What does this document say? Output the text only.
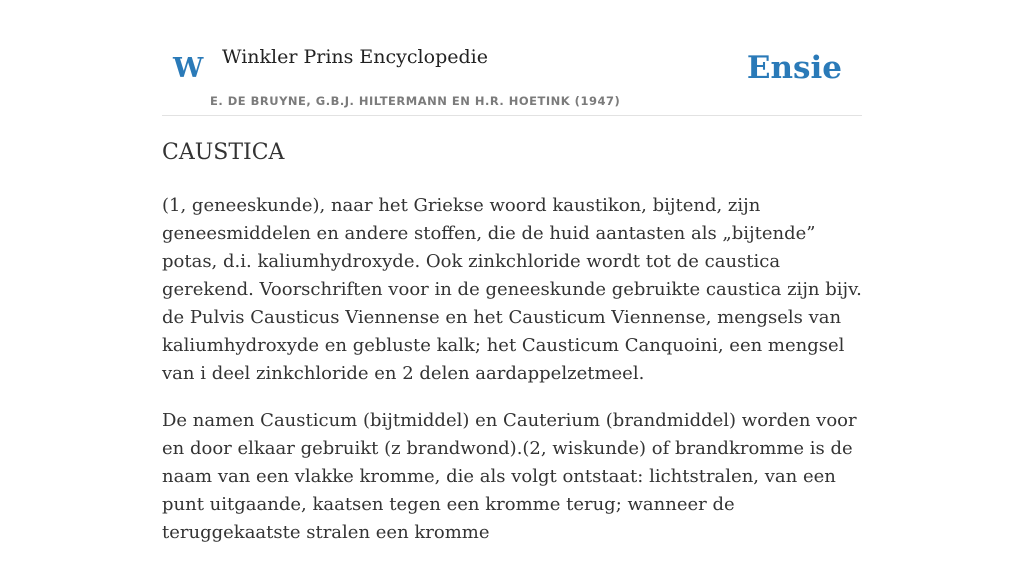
W Winkler Prins Encyclopedie
E. DE BRUYNE, G.B.J. HILTERMANN EN H.R. HOETINK (1947)
Ensie
CAUSTICA

(1, geneeskunde), naar het Griekse woord kaustikon, bijtend, zijn geneesmiddelen en andere stoffen, die de huid aantasten als „bijtende” potas, d.i. kaliumhydroxyde. Ook zinkchloride wordt tot de caustica gerekend. Voorschriften voor in de geneeskunde gebruikte caustica zijn bijv. de Pulvis Causticus Viennense en het Causticum Viennense, mengsels van kaliumhydroxyde en gebluste kalk; het Causticum Canquoini, een mengsel van i deel zinkchloride en 2 delen aardappelzetmeel.

De namen Causticum (bijtmiddel) en Cauterium (brandmiddel) worden voor en door elkaar gebruikt (z brandwond).(2, wiskunde) of brandkromme is de naam van een vlakke kromme, die als volgt ontstaat: lichtstralen, van een punt uitgaande, kaatsen tegen een kromme terug; wanneer de teruggekaatste stralen een kromme
